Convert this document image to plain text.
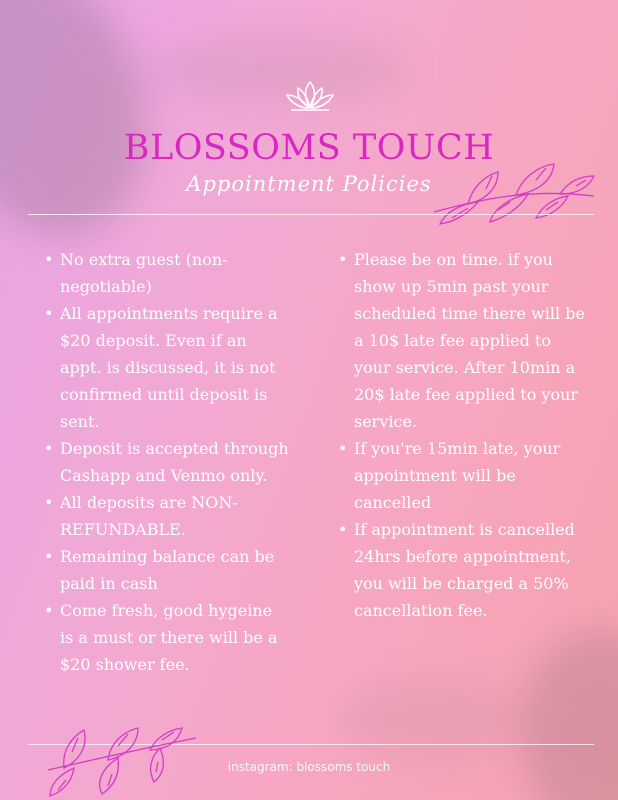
BLOSSOMS TOUCH
Appointment Policies
• No extra guest (non-negotiable)
• All appointments require a $20 deposit. Even if an appt. is discussed, it is not confirmed until deposit is sent.
• Deposit is accepted through Cashapp and Venmo only.
• All deposits are NON-REFUNDABLE.
• Remaining balance can be paid in cash
• Come fresh, good hygeine is a must or there will be a $20 shower fee.
• Please be on time. if you show up 5min past your scheduled time there will be a 10$ late fee applied to your service. After 10min a 20$ late fee applied to your service.
• If you're 15min late, your appointment will be cancelled
• If appointment is cancelled 24hrs before appointment, you will be charged a 50% cancellation fee.
instagram: blossoms touch
